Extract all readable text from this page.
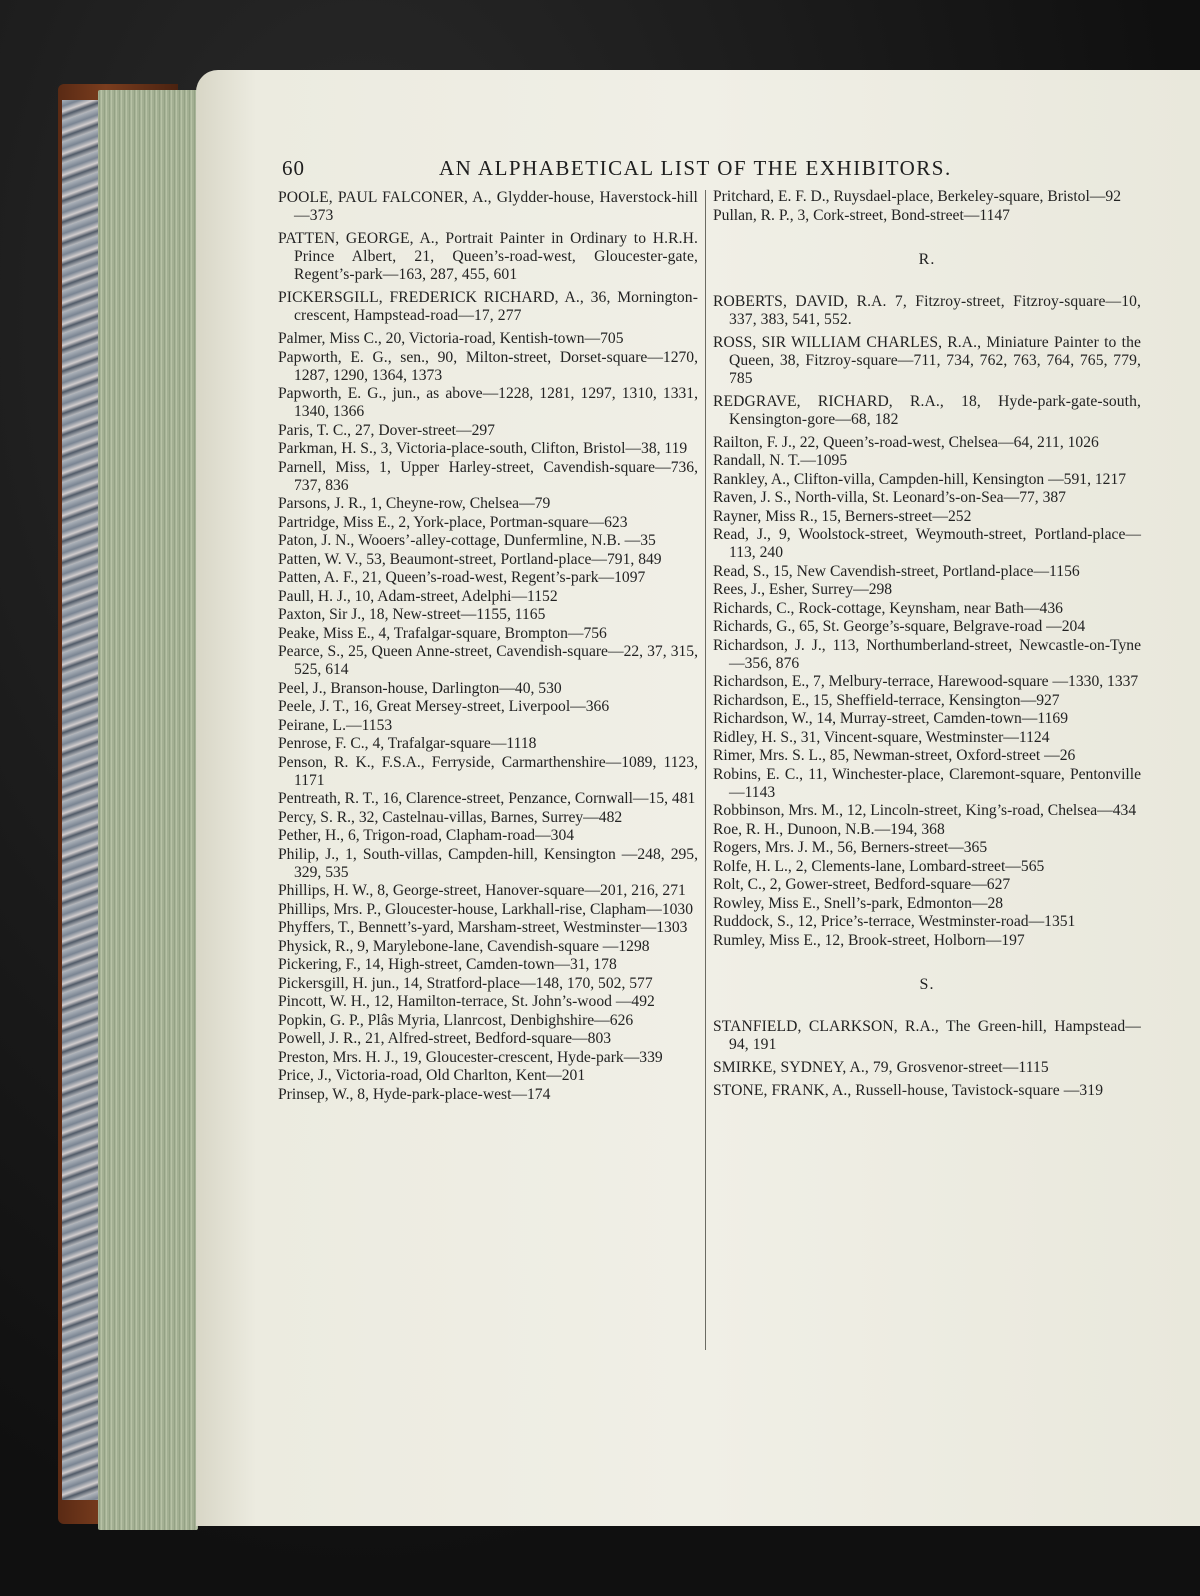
60	AN ALPHABETICAL LIST OF THE EXHIBITORS.

POOLE, PAUL FALCONER, A., Glydder-house, Haverstock-hill—373

PATTEN, GEORGE, A., Portrait Painter in Ordinary to H.R.H. Prince Albert, 21, Queen’s-road-west, Gloucester-gate, Regent’s-park—163, 287, 455, 601

PICKERSGILL, FREDERICK RICHARD, A., 36, Mornington-crescent, Hampstead-road—17, 277

Palmer, Miss C., 20, Victoria-road, Kentish-town—705

Papworth, E. G., sen., 90, Milton-street, Dorset-square—1270, 1287, 1290, 1364, 1373

Papworth, E. G., jun., as above—1228, 1281, 1297, 1310, 1331, 1340, 1366

Paris, T. C., 27, Dover-street—297

Parkman, H. S., 3, Victoria-place-south, Clifton, Bristol—38, 119

Parnell, Miss, 1, Upper Harley-street, Cavendish-square—736, 737, 836

Parsons, J. R., 1, Cheyne-row, Chelsea—79

Partridge, Miss E., 2, York-place, Portman-square—623

Paton, J. N., Wooers’-alley-cottage, Dunfermline, N.B. —35

Patten, W. V., 53, Beaumont-street, Portland-place—791, 849

Patten, A. F., 21, Queen’s-road-west, Regent’s-park—1097

Paull, H. J., 10, Adam-street, Adelphi—1152

Paxton, Sir J., 18, New-street—1155, 1165

Peake, Miss E., 4, Trafalgar-square, Brompton—756

Pearce, S., 25, Queen Anne-street, Cavendish-square—22, 37, 315, 525, 614

Peel, J., Branson-house, Darlington—40, 530

Peele, J. T., 16, Great Mersey-street, Liverpool—366

Peirane, L.—1153

Penrose, F. C., 4, Trafalgar-square—1118

Penson, R. K., F.S.A., Ferryside, Carmarthenshire—1089, 1123, 1171

Pentreath, R. T., 16, Clarence-street, Penzance, Cornwall—15, 481

Percy, S. R., 32, Castelnau-villas, Barnes, Surrey—482

Pether, H., 6, Trigon-road, Clapham-road—304

Philip, J., 1, South-villas, Campden-hill, Kensington —248, 295, 329, 535

Phillips, H. W., 8, George-street, Hanover-square—201, 216, 271

Phillips, Mrs. P., Gloucester-house, Larkhall-rise, Clapham—1030

Phyffers, T., Bennett’s-yard, Marsham-street, Westminster—1303

Physick, R., 9, Marylebone-lane, Cavendish-square —1298

Pickering, F., 14, High-street, Camden-town—31, 178

Pickersgill, H. jun., 14, Stratford-place—148, 170, 502, 577

Pincott, W. H., 12, Hamilton-terrace, St. John’s-wood —492

Popkin, G. P., Plâs Myria, Llanrcost, Denbighshire—626

Powell, J. R., 21, Alfred-street, Bedford-square—803

Preston, Mrs. H. J., 19, Gloucester-crescent, Hyde-park—339

Price, J., Victoria-road, Old Charlton, Kent—201

Prinsep, W., 8, Hyde-park-place-west—174

Pritchard, E. F. D., Ruysdael-place, Berkeley-square, Bristol—92

Pullan, R. P., 3, Cork-street, Bond-street—1147

R.

ROBERTS, DAVID, R.A. 7, Fitzroy-street, Fitzroy-square—10, 337, 383, 541, 552.

ROSS, SIR WILLIAM CHARLES, R.A., Miniature Painter to the Queen, 38, Fitzroy-square—711, 734, 762, 763, 764, 765, 779, 785

REDGRAVE, RICHARD, R.A., 18, Hyde-park-gate-south, Kensington-gore—68, 182

Railton, F. J., 22, Queen’s-road-west, Chelsea—64, 211, 1026

Randall, N. T.—1095

Rankley, A., Clifton-villa, Campden-hill, Kensington —591, 1217

Raven, J. S., North-villa, St. Leonard’s-on-Sea—77, 387

Rayner, Miss R., 15, Berners-street—252

Read, J., 9, Woolstock-street, Weymouth-street, Portland-place—113, 240

Read, S., 15, New Cavendish-street, Portland-place—1156

Rees, J., Esher, Surrey—298

Richards, C., Rock-cottage, Keynsham, near Bath—436

Richards, G., 65, St. George’s-square, Belgrave-road —204

Richardson, J. J., 113, Northumberland-street, Newcastle-on-Tyne—356, 876

Richardson, E., 7, Melbury-terrace, Harewood-square —1330, 1337

Richardson, E., 15, Sheffield-terrace, Kensington—927

Richardson, W., 14, Murray-street, Camden-town—1169

Ridley, H. S., 31, Vincent-square, Westminster—1124

Rimer, Mrs. S. L., 85, Newman-street, Oxford-street —26

Robins, E. C., 11, Winchester-place, Claremont-square, Pentonville—1143

Robbinson, Mrs. M., 12, Lincoln-street, King’s-road, Chelsea—434

Roe, R. H., Dunoon, N.B.—194, 368

Rogers, Mrs. J. M., 56, Berners-street—365

Rolfe, H. L., 2, Clements-lane, Lombard-street—565

Rolt, C., 2, Gower-street, Bedford-square—627

Rowley, Miss E., Snell’s-park, Edmonton—28

Ruddock, S., 12, Price’s-terrace, Westminster-road—1351

Rumley, Miss E., 12, Brook-street, Holborn—197

S.

STANFIELD, CLARKSON, R.A., The Green-hill, Hampstead—94, 191

SMIRKE, SYDNEY, A., 79, Grosvenor-street—1115

STONE, FRANK, A., Russell-house, Tavistock-square —319
